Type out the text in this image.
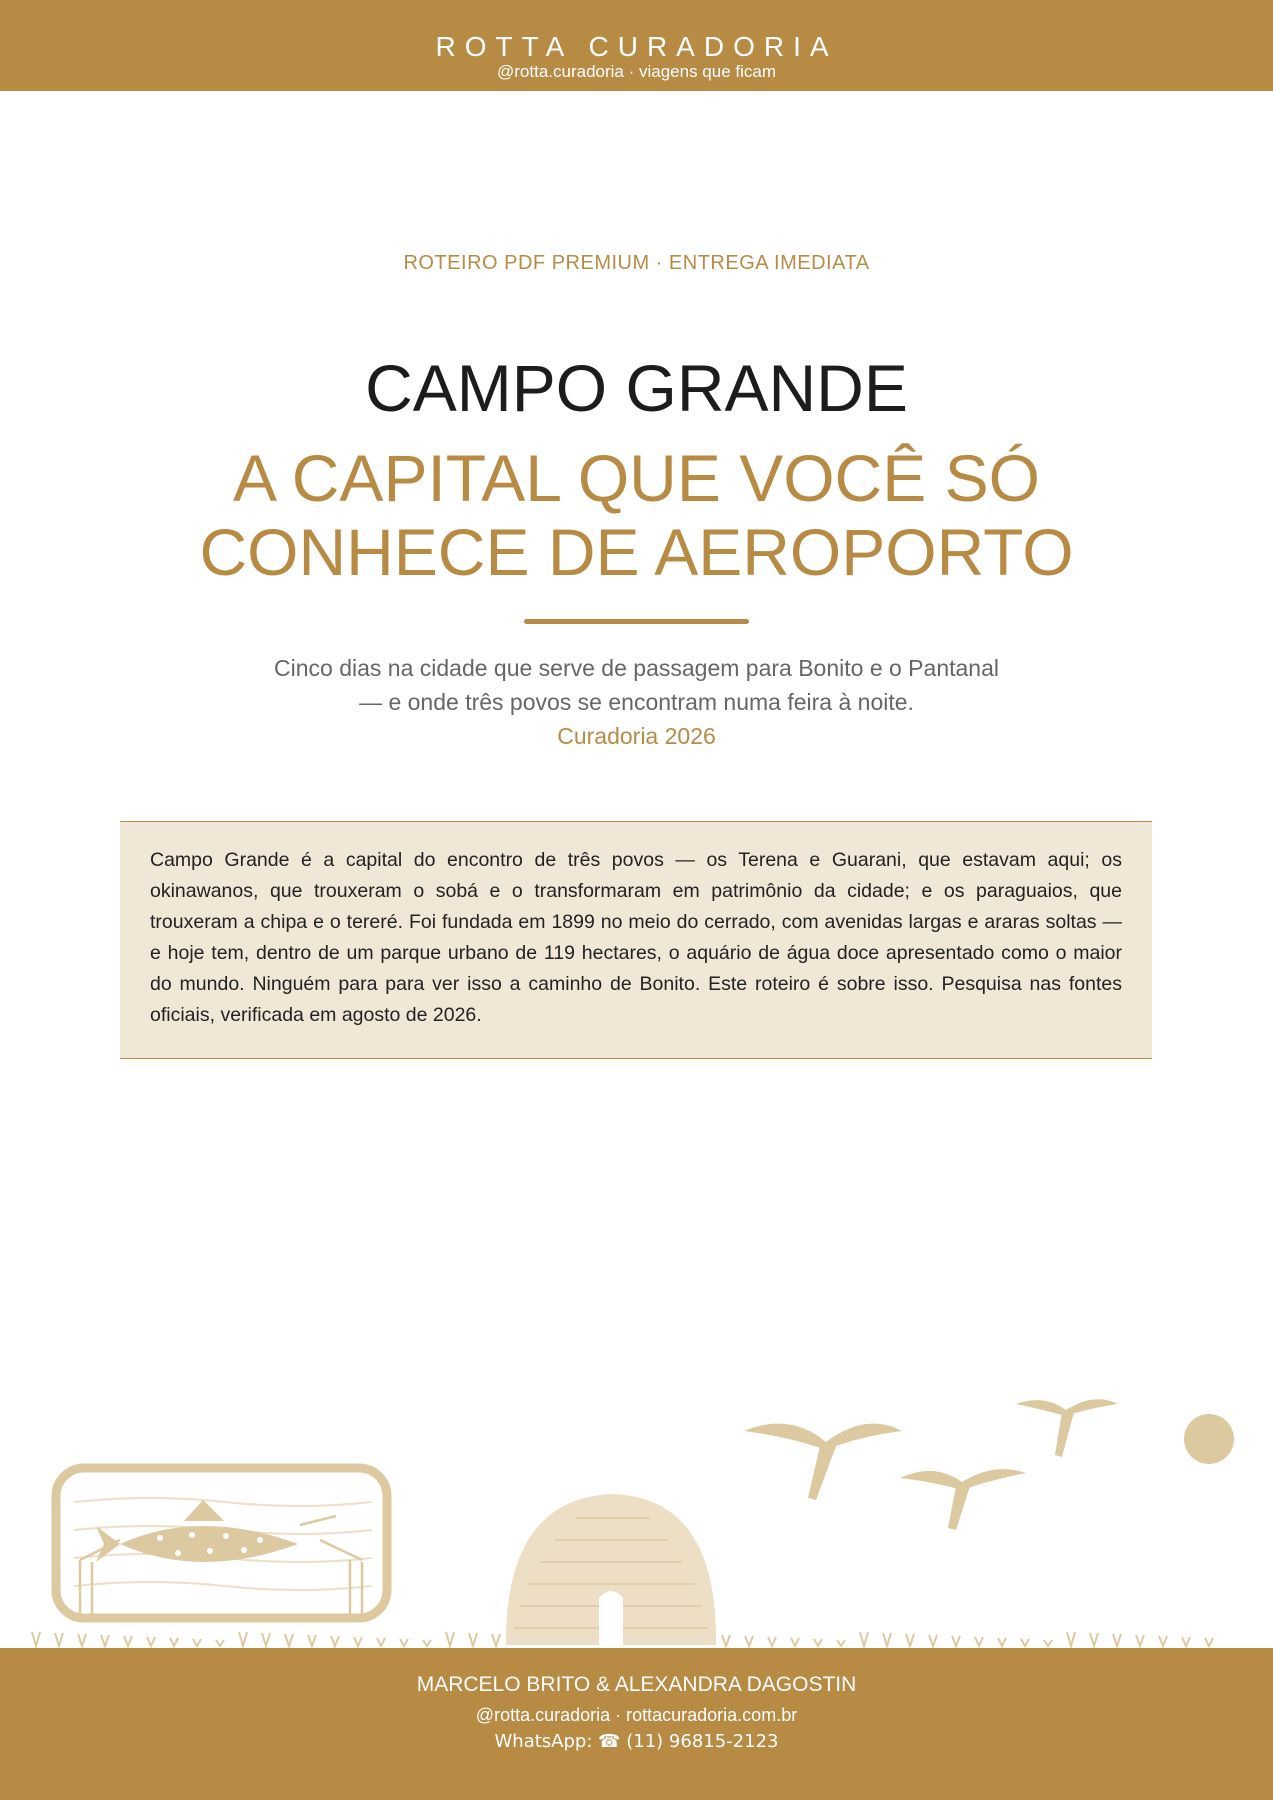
ROTTA CURADORIA
@rotta.curadoria · viagens que ficam
ROTEIRO PDF PREMIUM · ENTREGA IMEDIATA
CAMPO GRANDE
A CAPITAL QUE VOCÊ SÓ CONHECE DE AEROPORTO
Cinco dias na cidade que serve de passagem para Bonito e o Pantanal
— e onde três povos se encontram numa feira à noite.
Curadoria 2026
Campo Grande é a capital do encontro de três povos — os Terena e Guarani, que estavam aqui; os okinawanos, que trouxeram o sobá e o transformaram em patrimônio da cidade; e os paraguaios, que trouxeram a chipa e o tereré. Foi fundada em 1899 no meio do cerrado, com avenidas largas e araras soltas — e hoje tem, dentro de um parque urbano de 119 hectares, o aquário de água doce apresentado como o maior do mundo. Ninguém para para ver isso a caminho de Bonito. Este roteiro é sobre isso. Pesquisa nas fontes oficiais, verificada em agosto de 2026.
MARCELO BRITO & ALEXANDRA DAGOSTIN
@rotta.curadoria · rottacuradoria.com.br
WhatsApp: ☎ (11) 96815-2123
